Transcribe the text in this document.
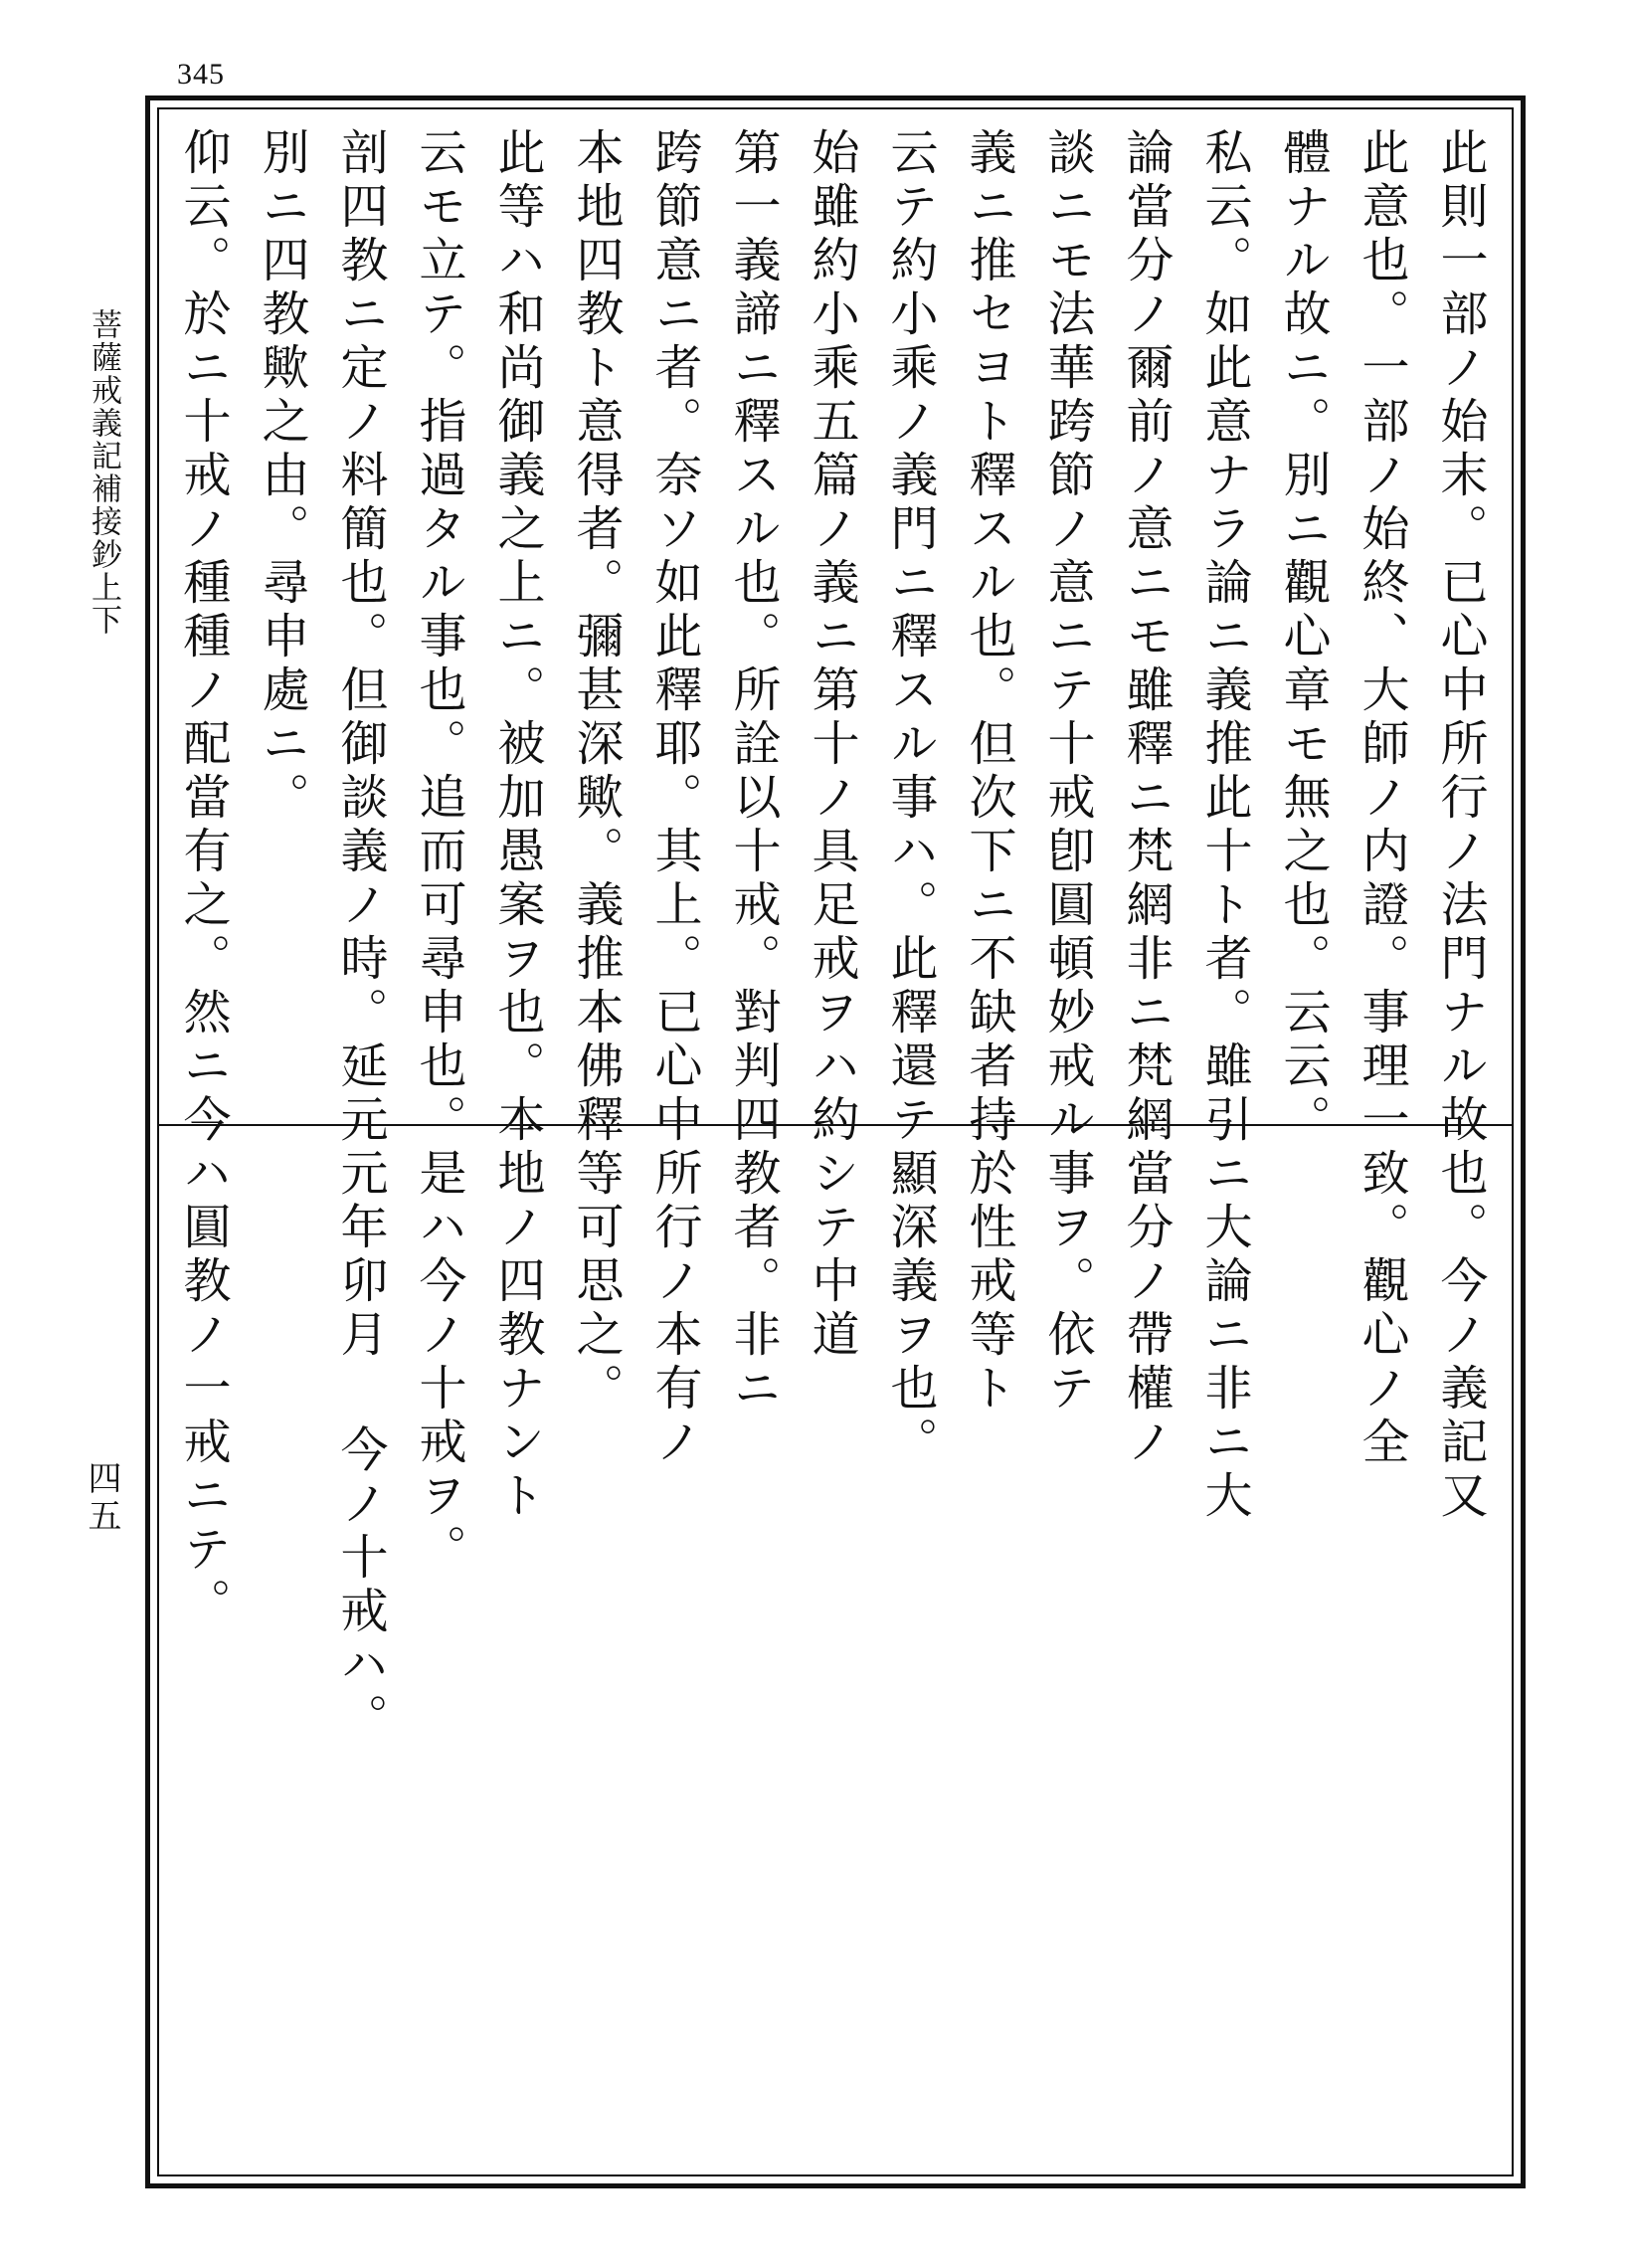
345
菩薩戒義記補接鈔上下
四五	此則一部ノ始末。已心中所行ノ法門ナル故也。今ノ義記又
此意也。一部ノ始終、大師ノ内證。事理一致。觀心ノ全
體ナル故ニ。別ニ觀心章モ無之也。云云。
私云。如此意ナラ論ニ義推此十ト者。雖引ニ大論ニ非ニ大
論當分ノ爾前ノ意ニモ雖釋ニ梵網非ニ梵網當分ノ帶權ノ
談ニモ法華跨節ノ意ニテ十戒卽圓頓妙戒ル事ヲ。依テ
義ニ推セヨト釋スル也。但次下ニ不缺者持於性戒等ト
云テ約小乘ノ義門ニ釋スル事ハ。此釋還テ顯深義ヲ也。
始雖約小乘五篇ノ義ニ第十ノ具足戒ヲハ約シテ中道
第一義諦ニ釋スル也。所詮以十戒。對判四教者。非ニ
跨節意ニ者。奈ソ如此釋耶。其上。已心中所行ノ本有ノ
本地四教ト意得者。彌甚深歟。義推本佛釋等可思之。
此等ハ和尚御義之上ニ。被加愚案ヲ也。本地ノ四教ナント
云モ立テ。指過タル事也。追而可尋申也。是ハ今ノ十戒ヲ。
剖四教ニ定ノ料簡也。但御談義ノ時。延元元年卯月 今ノ十戒ハ。
別ニ四教歟之由。尋申處ニ。
仰云。於ニ十戒ノ種種ノ配當有之。然ニ今ハ圓教ノ一戒ニテ。
